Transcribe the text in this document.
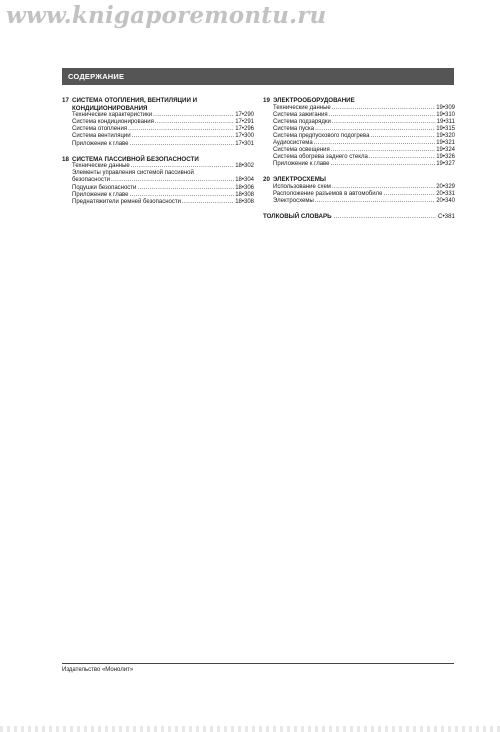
www.knigaporemontu.ru
СОДЕРЖАНИЕ
17 СИСТЕМА ОТОПЛЕНИЯ, ВЕНТИЛЯЦИИ И КОНДИЦИОНИРОВАНИЯ
Технические характеристики .....	17•290
Система кондиционирования .....	17•291
Система отопления .....	17•296
Система вентиляции .....	17•300
Приложение к главе .....	17•301
18 СИСТЕМА ПАССИВНОЙ БЕЗОПАСНОСТИ
Технические данные .....	18•302
Элементы управления системой пассивной
безопасности .....	18•304
Подушки безопасности .....	18•306
Приложение к главе .....	18•308
Преднатяжители ремней безопасности .....	18•308
19 ЭЛЕКТРООБОРУДОВАНИЕ
Технические данные .....	19•309
Система зажигания .....	19•310
Система подзарядки .....	19•311
Система пуска .....	19•315
Система предпускового подогрева .....	19•320
Аудиосистема .....	19•321
Система освещения .....	19•324
Система обогрева заднего стекла .....	19•326
Приложение к главе .....	19•327
20 ЭЛЕКТРОСХЕМЫ
Использование схем .....	20•329
Расположение разъемов в автомобиле .....	20•331
Электросхемы .....	20•340
ТОЛКОВЫЙ СЛОВАРЬ .....	С•381
Издательство «Монолит»
